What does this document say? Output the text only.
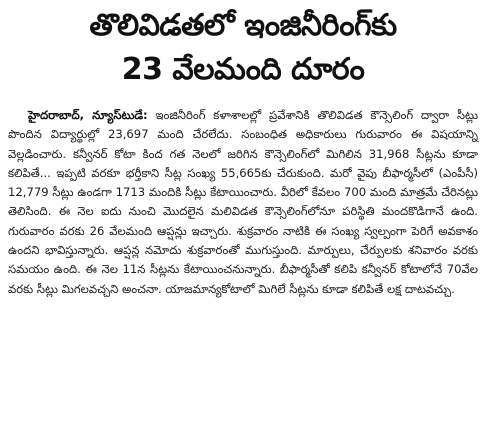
తొలివిడతలో ఇంజినీరింగ్‌కు
23 వేలమంది దూరం

హైదరాబాద్, న్యూస్‌టుడే: ఇంజినీరింగ్ కళాశాలల్లో ప్రవేశానికి తొలివిడత కౌన్సెలింగ్ ద్వారా సీట్లు పొందిన విద్యార్థుల్లో 23,697 మంది చేరలేదు. సంబంధిత అధికారులు గురువారం ఈ విషయాన్ని వెల్లడించారు. కన్వీనర్ కోటా కింద గత నెలలో జరిగిన కౌన్సెలింగ్‌లో మిగిలిన 31,968 సీట్లను కూడా కలిపితే... ఇప్పటి వరకూ భర్తీకాని సీట్ల సంఖ్య 55,665కు చేరుకుంది. మరో వైపు బీఫార్మసీలో (ఎంపీసీ) 12,779 సీట్లు ఉండగా 1713 మందికి సీట్లు కేటాయించారు. వీరిలో కేవలం 700 మంది మాత్రమే చేరినట్లు తెలిసింది. ఈ నెల ఐదు నుంచి మొదలైన మలివిడత కౌన్సెలింగ్‌లోనూ పరిస్థితి మందకొడిగానే ఉంది. గురువారం వరకు 26 వేలమంది ఆప్షన్లు ఇచ్చారు. శుక్రవారం నాటికి ఈ సంఖ్య స్వల్పంగా పెరిగే అవకాశం ఉందని భావిస్తున్నారు. ఆప్షన్ల నమోదు శుక్రవారంతో ముగుస్తుంది. మార్పులు, చేర్పులకు శనివారం వరకు సమయం ఉంది. ఈ నెల 11న సీట్లను కేటాయించనున్నారు. బీఫార్మసీతో కలిపి కన్వీనర్ కోటాలోనే 70వేల వరకు సీట్లు మిగలవచ్చని అంచనా. యాజమాన్యకోటాలో మిగిలే సీట్లను కూడా కలిపితే లక్ష దాటవచ్చు.
